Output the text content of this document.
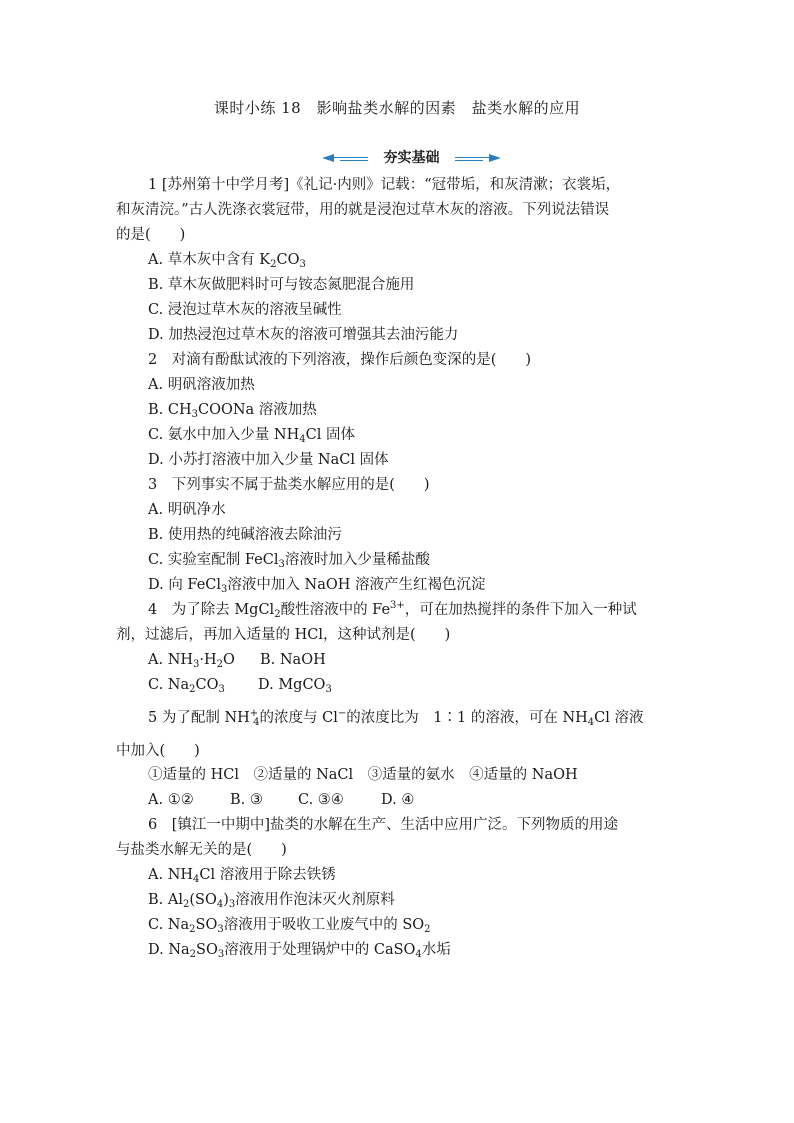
课时小练 18　影响盐类水解的因素　盐类水解的应用
夯实基础
1 [苏州第十中学月考]《礼记·内则》记载：“冠带垢，和灰清漱；衣裳垢，
和灰清浣。”古人洗涤衣裳冠带，用的就是浸泡过草木灰的溶液。下列说法错误
的是(　　)
A. 草木灰中含有 $K_2CO_3$
B. 草木灰做肥料时可与铵态氮肥混合施用
C. 浸泡过草木灰的溶液呈碱性
D. 加热浸泡过草木灰的溶液可增强其去油污能力
2　对滴有酚酞试液的下列溶液，操作后颜色变深的是(　　)
A. 明矾溶液加热
B. $CH_3COONa$ 溶液加热
C. 氨水中加入少量 $NH_4Cl$ 固体
D. 小苏打溶液中加入少量 NaCl 固体
3　下列事实不属于盐类水解应用的是(　　)
A. 明矾净水
B. 使用热的纯碱溶液去除油污
C. 实验室配制 FeCl$_3$溶液时加入少量稀盐酸
D. 向 FeCl$_3$溶液中加入 NaOH 溶液产生红褐色沉淀
4　为了除去 MgCl$_2$酸性溶液中的 $Fe^{3+}$，可在加热搅拌的条件下加入一种试
剂，过滤后，再加入适量的 HCl，这种试剂是(　　)
A. $NH_3\cdot H_2O$ B. NaOH
C. $Na_2CO_3$ D. MgCO$_3$
5 为了配制 $NH^+_4$的浓度与 Cl−的浓度比为　1∶1 的溶液，可在 $NH_4Cl$ 溶液
中加入(　　)
①适量的 HCl　②适量的 NaCl　③适量的氨水　④适量的 NaOH
A. ①②	B. ③ C. ③④	D. ④
6　[镇江一中期中]盐类的水解在生产、生活中应用广泛。下列物质的用途
与盐类水解无关的是(　　)
A. $NH_4Cl$ 溶液用于除去铁锈
B. $Al_2(SO_4)_3$溶液用作泡沫灭火剂原料
C. $Na_2SO_3$溶液用于吸收工业废气中的 $SO_2$
D. $Na_2SO_3$溶液用于处理锅炉中的 CaSO$_4$水垢
